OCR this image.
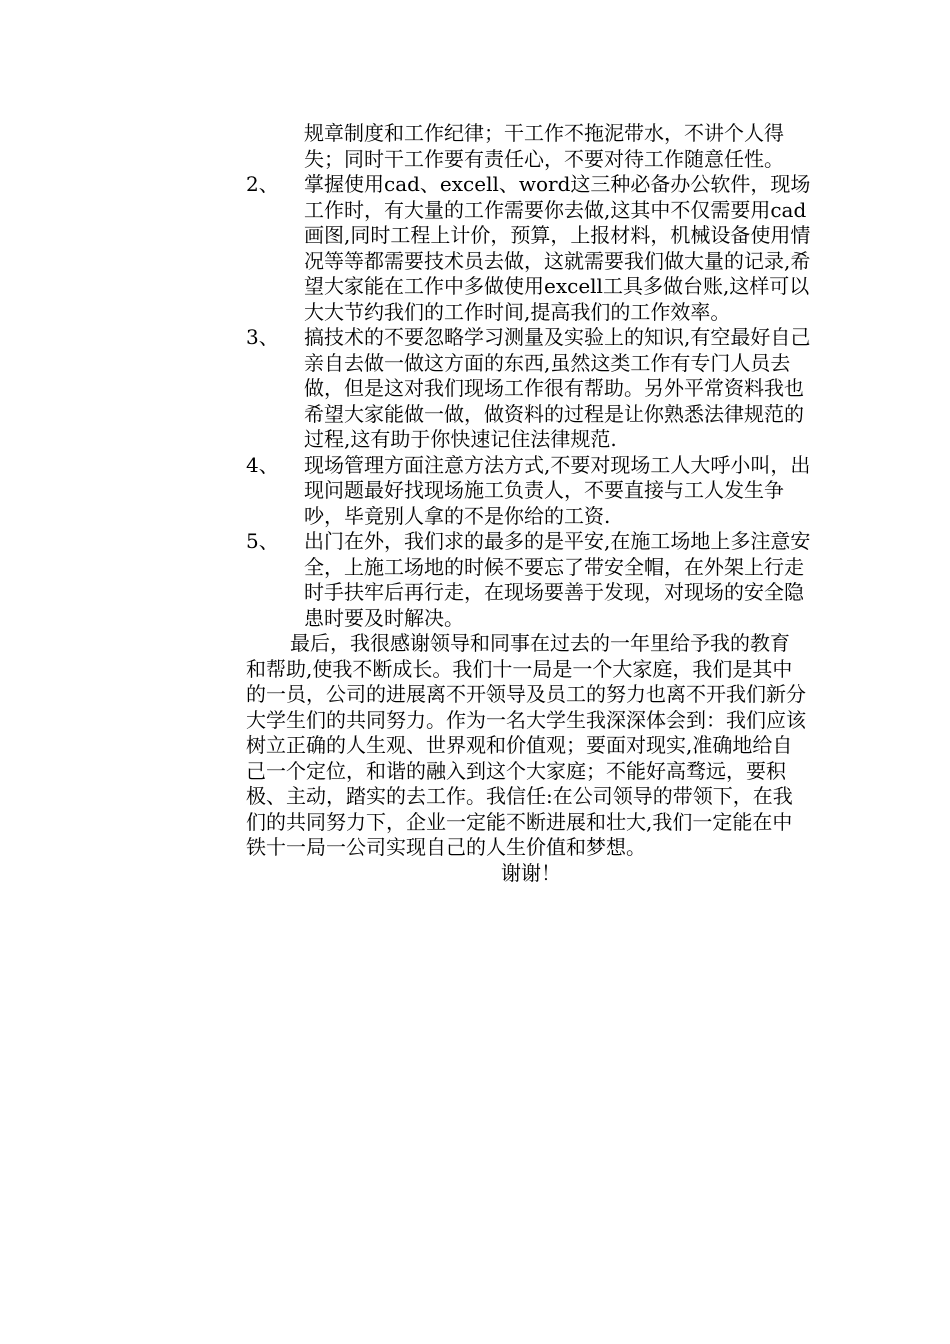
规章制度和工作纪律；干工作不拖泥带水，不讲个人得失；同时干工作要有责任心，不要对待工作随意任性。
2、	掌握使用cad、excell、word这三种必备办公软件，现场工作时，有大量的工作需要你去做,这其中不仅需要用cad画图,同时工程上计价，预算，上报材料，机械设备使用情况等等都需要技术员去做，这就需要我们做大量的记录,希望大家能在工作中多做使用excell工具多做台账,这样可以大大节约我们的工作时间,提高我们的工作效率。
3、	搞技术的不要忽略学习测量及实验上的知识,有空最好自己亲自去做一做这方面的东西,虽然这类工作有专门人员去做，但是这对我们现场工作很有帮助。另外平常资料我也希望大家能做一做，做资料的过程是让你熟悉法律规范的过程,这有助于你快速记住法律规范.
4、	现场管理方面注意方法方式,不要对现场工人大呼小叫，出现问题最好找现场施工负责人，不要直接与工人发生争吵，毕竟别人拿的不是你给的工资.
5、	出门在外，我们求的最多的是平安,在施工场地上多注意安全，上施工场地的时候不要忘了带安全帽，在外架上行走时手扶牢后再行走，在现场要善于发现，对现场的安全隐患时要及时解决。
最后，我很感谢领导和同事在过去的一年里给予我的教育和帮助,使我不断成长。我们十一局是一个大家庭，我们是其中的一员，公司的进展离不开领导及员工的努力也离不开我们新分大学生们的共同努力。作为一名大学生我深深体会到：我们应该树立正确的人生观、世界观和价值观；要面对现实,准确地给自己一个定位，和谐的融入到这个大家庭；不能好高骛远，要积极、主动，踏实的去工作。我信任:在公司领导的带领下，在我们的共同努力下，企业一定能不断进展和壮大,我们一定能在中铁十一局一公司实现自己的人生价值和梦想。
谢谢！
